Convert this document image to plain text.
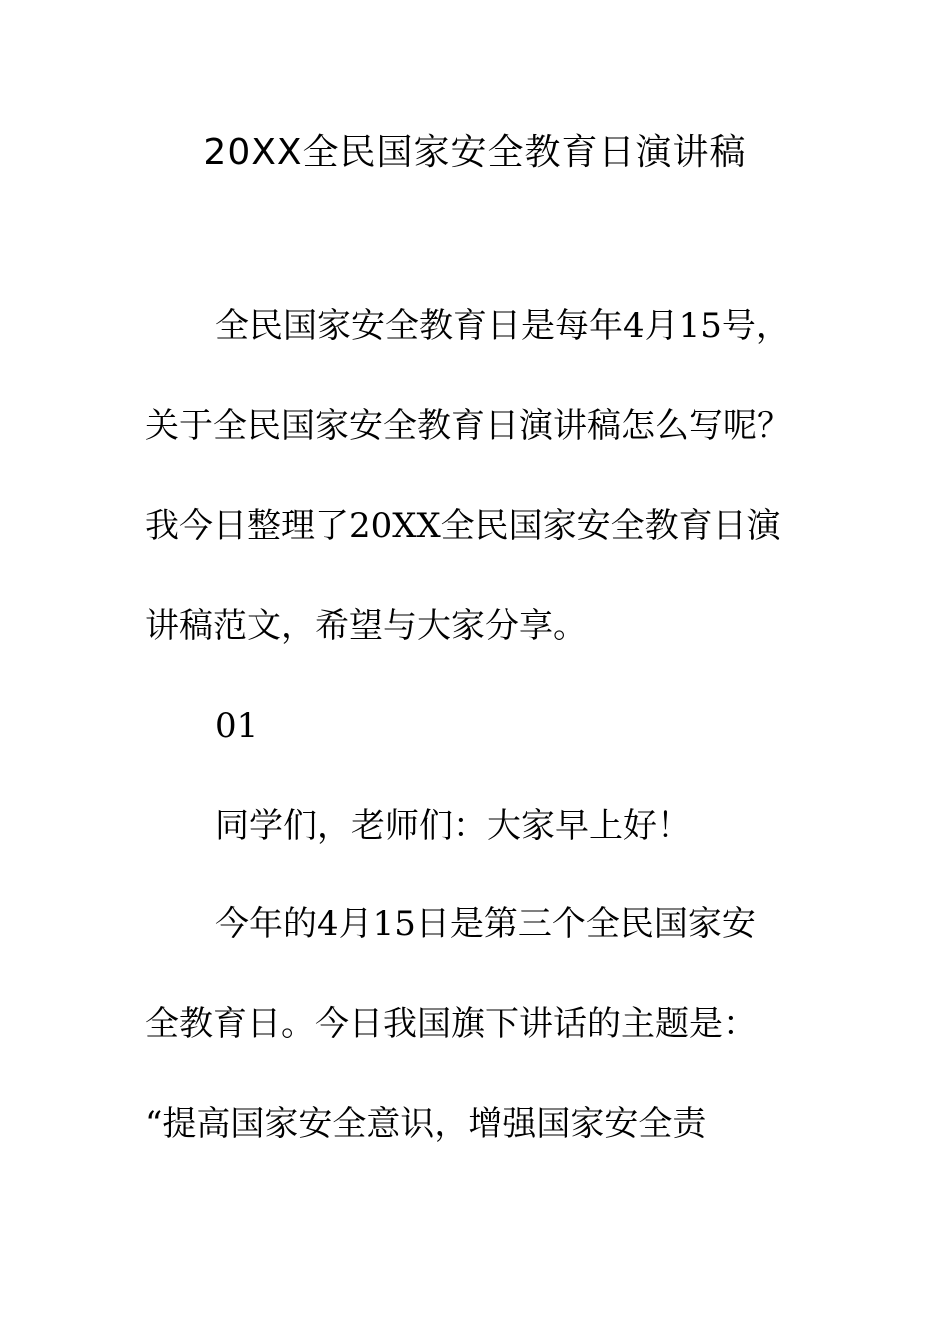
20XX全民国家安全教育日演讲稿
全民国家安全教育日是每年4月15号，
关于全民国家安全教育日演讲稿怎么写呢？
我今日整理了20XX全民国家安全教育日演
讲稿范文，希望与大家分享。
01
同学们，老师们：大家早上好！
今年的4月15日是第三个全民国家安
全教育日。今日我国旗下讲话的主题是：
“提高国家安全意识，增强国家安全责
